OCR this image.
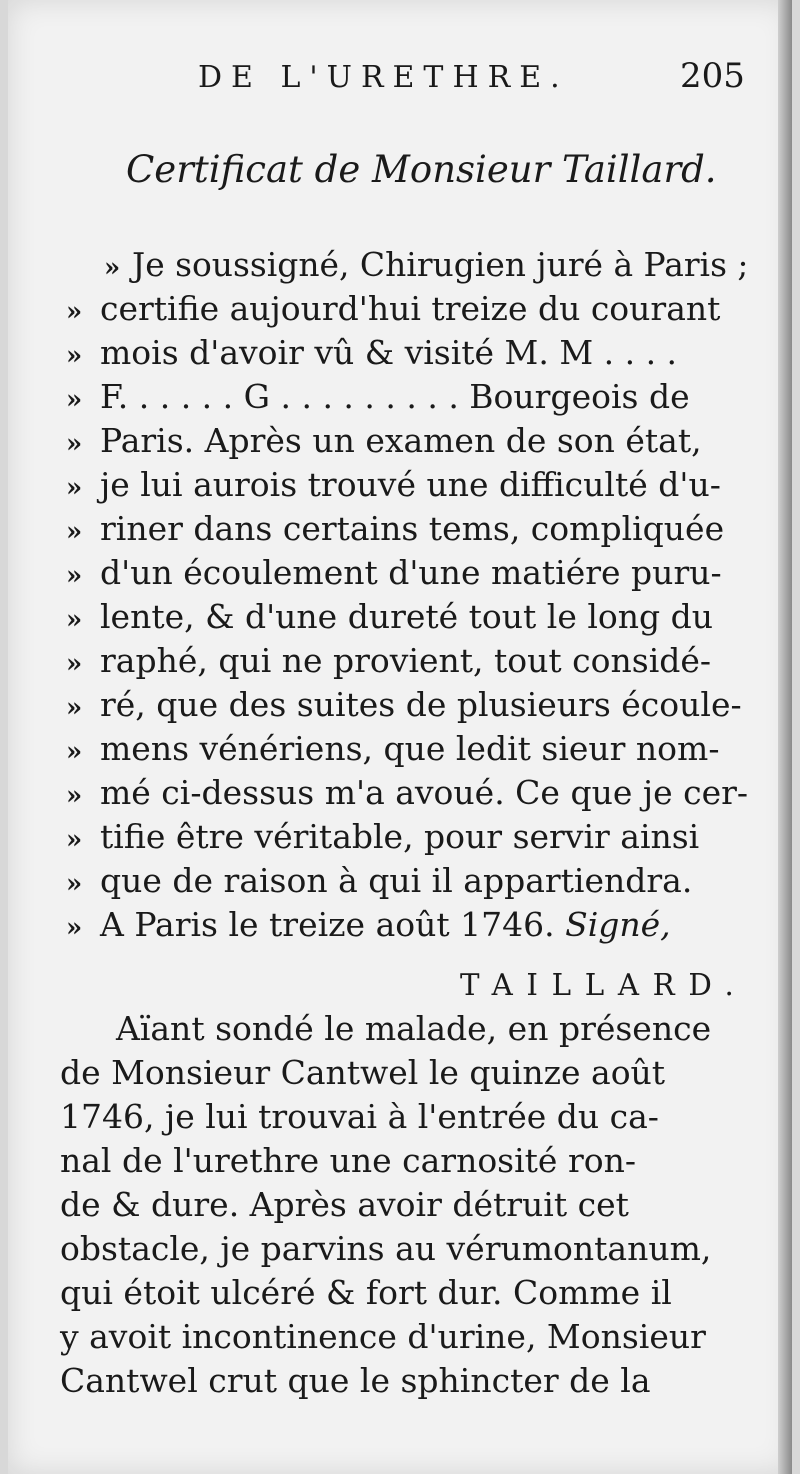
DE L'URETHRE.	205
Certificat de Monsieur Taillard.
» Je soussigné, Chirugien juré à Paris ;
» certifie aujourd'hui treize du courant
» mois d'avoir vû & visité M. M . . . .
» F. . . . . . G . . . . . . . . . Bourgeois de
» Paris. Après un examen de son état,
» je lui aurois trouvé une difficulté d'u-
» riner dans certains tems, compliquée
» d'un écoulement d'une matiére puru-
» lente, & d'une dureté tout le long du
» raphé, qui ne provient, tout considé-
» ré, que des suites de plusieurs écoule-
» mens vénériens, que ledit sieur nom-
» mé ci-dessus m'a avoué. Ce que je cer-
» tifie être véritable, pour servir ainsi
» que de raison à qui il appartiendra.
» A Paris le treize août 1746. Signé,
TAILLARD.
Aïant sondé le malade, en présence
de Monsieur Cantwel le quinze août
1746, je lui trouvai à l'entrée du ca-
nal de l'urethre une carnosité ron-
de & dure. Après avoir détruit cet
obstacle, je parvins au vérumontanum,
qui étoit ulcéré & fort dur. Comme il
y avoit incontinence d'urine, Monsieur
Cantwel crut que le sphincter de la
